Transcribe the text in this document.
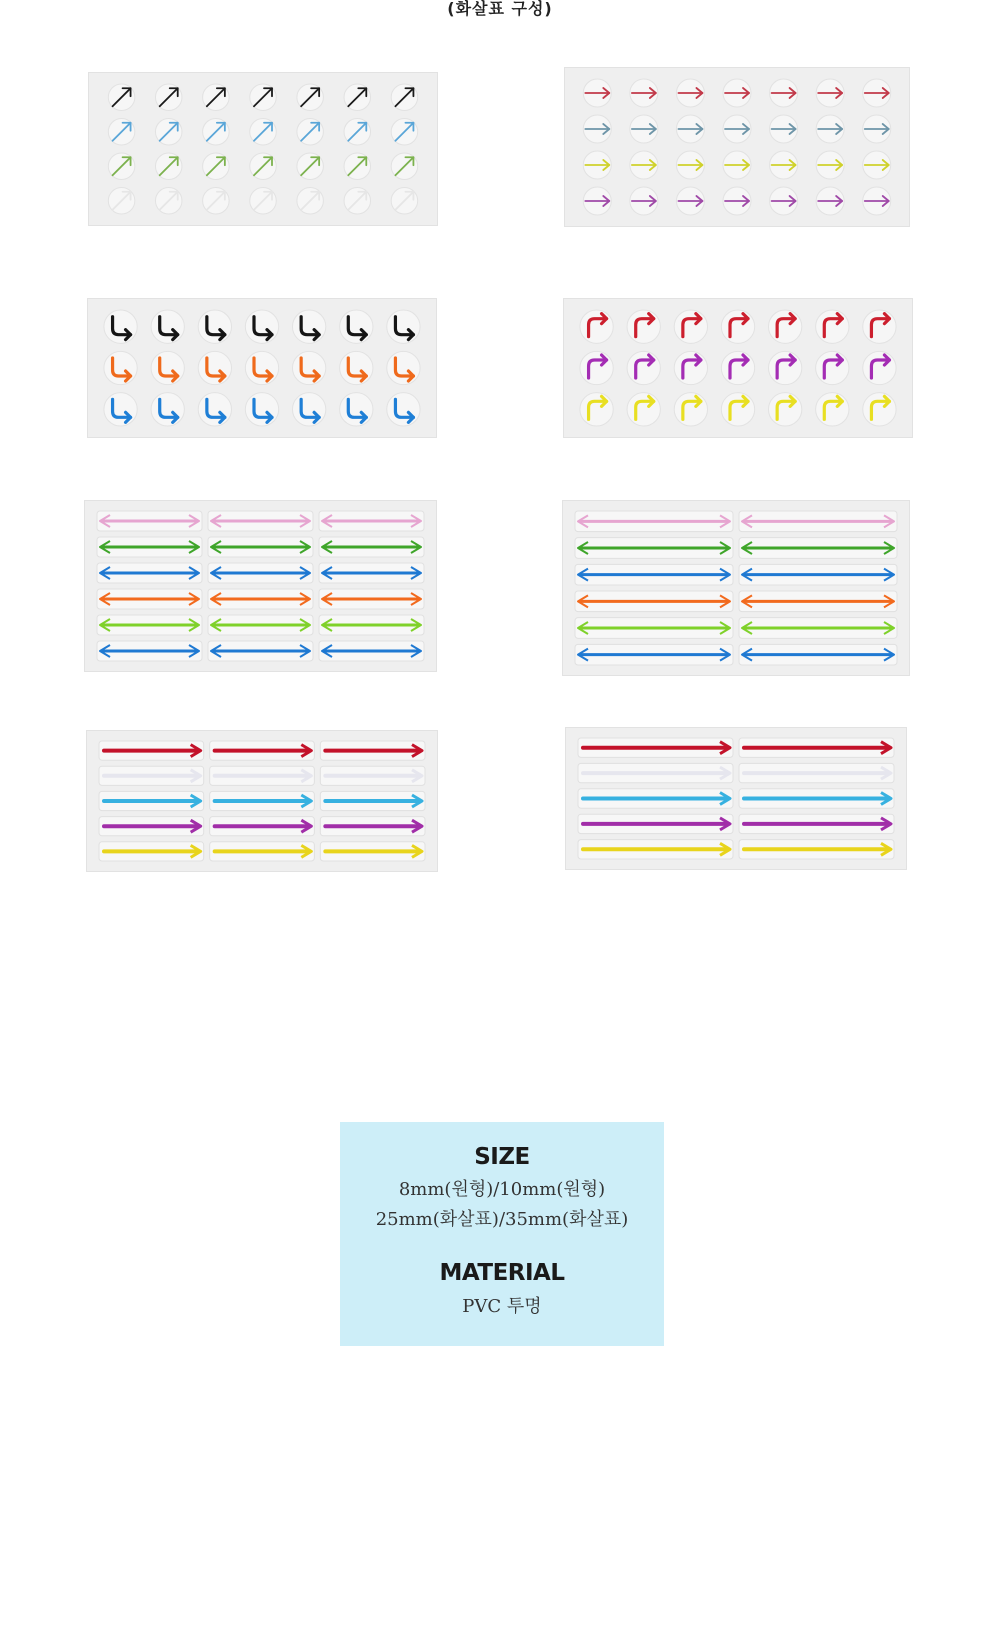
(화살표 구성)
SIZE
8mm(원형)/10mm(원형)
25mm(화살표)/35mm(화살표)
MATERIAL
PVC 투명
